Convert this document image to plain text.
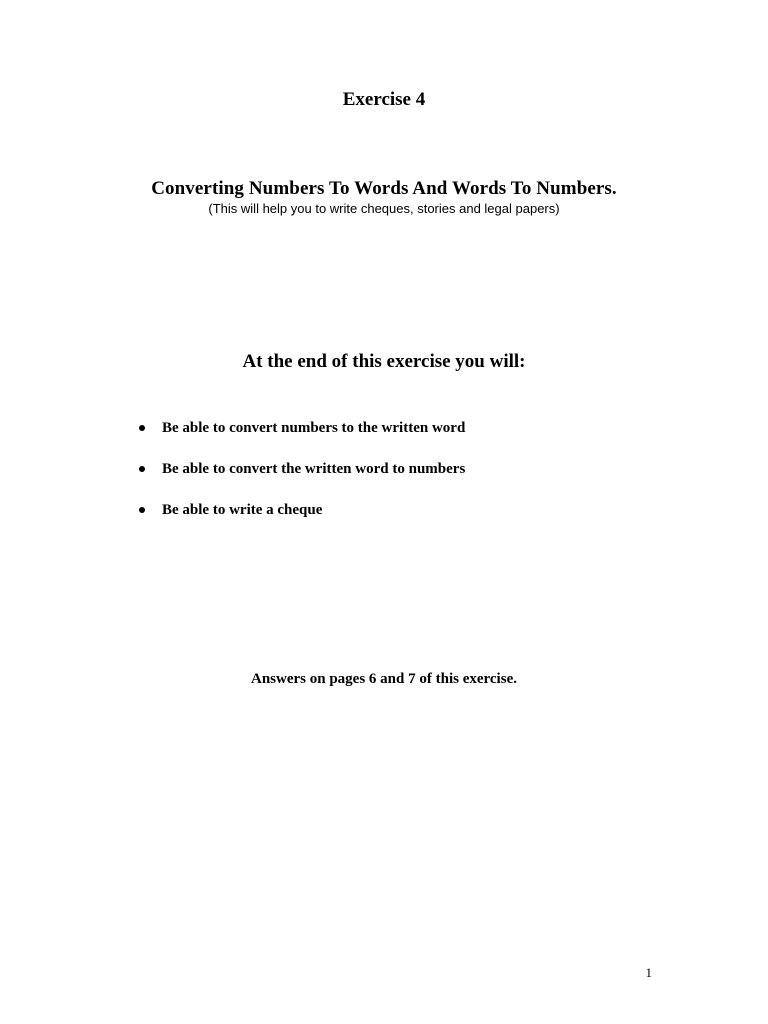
Exercise 4
Converting Numbers To Words And Words To Numbers.

(This will help you to write cheques, stories and legal papers)

At the end of this exercise you will:
Be able to convert numbers to the written word
Be able to convert the written word to numbers
Be able to write a cheque

Answers on pages 6 and 7 of this exercise.

1
